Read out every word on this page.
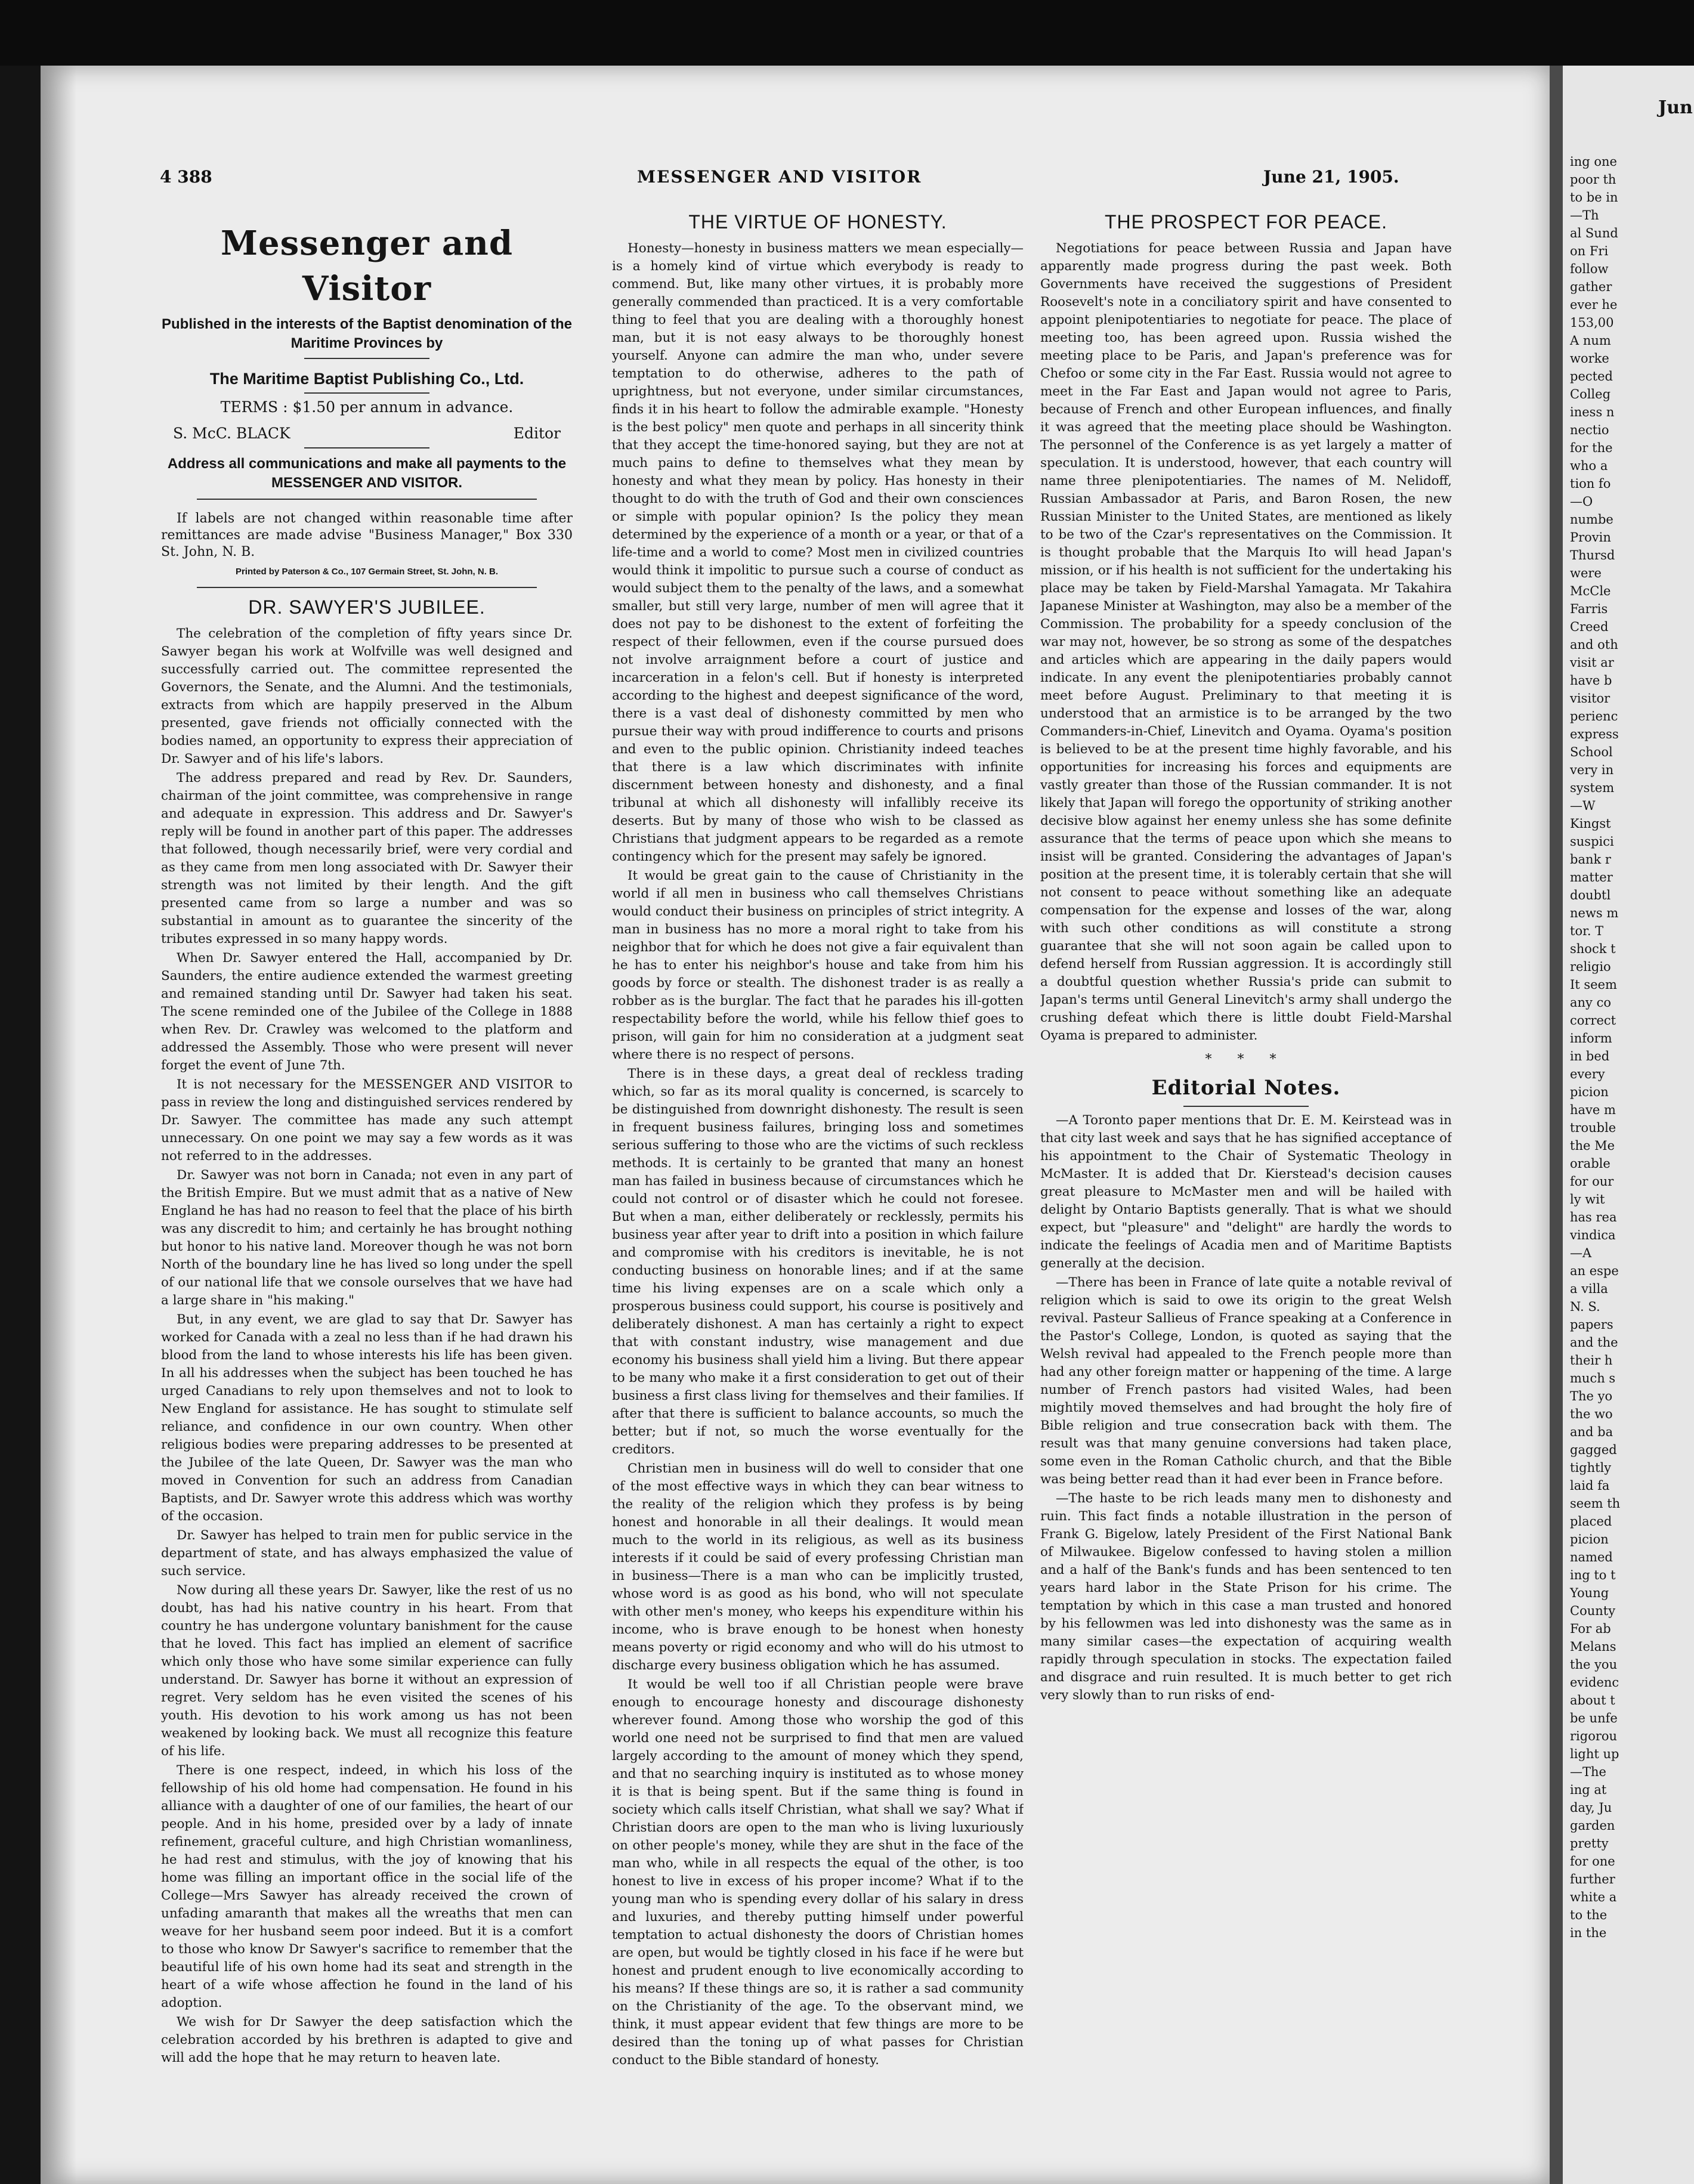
4 388	MESSENGER AND VISITOR	June 21, 1905.
Messenger and Visitor
Published in the interests of the Baptist denomination of the Maritime Provinces by
The Maritime Baptist Publishing Co., Ltd.
TERMS : $1.50 per annum in advance.
S. McC. BLACK	Editor
Address all communications and make all payments to the MESSENGER AND VISITOR.
If labels are not changed within reasonable time after remittances are made advise "Business Manager," Box 330 St. John, N. B.
Printed by Paterson & Co., 107 Germain Street, St. John, N. B.
DR. SAWYER'S JUBILEE.

The celebration of the completion of fifty years since Dr. Sawyer began his work at Wolfville was well designed and successfully carried out. The committee represented the Governors, the Senate, and the Alumni. And the testimonials, extracts from which are happily preserved in the Album presented, gave friends not officially connected with the bodies named, an opportunity to express their appreciation of Dr. Sawyer and of his life's labors.

The address prepared and read by Rev. Dr. Saunders, chairman of the joint committee, was comprehensive in range and adequate in expression. This address and Dr. Sawyer's reply will be found in another part of this paper. The addresses that followed, though necessarily brief, were very cordial and as they came from men long associated with Dr. Sawyer their strength was not limited by their length. And the gift presented came from so large a number and was so substantial in amount as to guarantee the sincerity of the tributes expressed in so many happy words.

When Dr. Sawyer entered the Hall, accompanied by Dr. Saunders, the entire audience extended the warmest greeting and remained standing until Dr. Sawyer had taken his seat. The scene reminded one of the Jubilee of the College in 1888 when Rev. Dr. Crawley was welcomed to the platform and addressed the Assembly. Those who were present will never forget the event of June 7th.

It is not necessary for the MESSENGER AND VISITOR to pass in review the long and distinguished services rendered by Dr. Sawyer. The committee has made any such attempt unnecessary. On one point we may say a few words as it was not referred to in the addresses.

Dr. Sawyer was not born in Canada; not even in any part of the British Empire. But we must admit that as a native of New England he has had no reason to feel that the place of his birth was any discredit to him; and certainly he has brought nothing but honor to his native land. Moreover though he was not born North of the boundary line he has lived so long under the spell of our national life that we console ourselves that we have had a large share in "his making."

But, in any event, we are glad to say that Dr. Sawyer has worked for Canada with a zeal no less than if he had drawn his blood from the land to whose interests his life has been given. In all his addresses when the subject has been touched he has urged Canadians to rely upon themselves and not to look to New England for assistance. He has sought to stimulate self reliance, and confidence in our own country. When other religious bodies were preparing addresses to be presented at the Jubilee of the late Queen, Dr. Sawyer was the man who moved in Convention for such an address from Canadian Baptists, and Dr. Sawyer wrote this address which was worthy of the occasion.

Dr. Sawyer has helped to train men for public service in the department of state, and has always emphasized the value of such service.

Now during all these years Dr. Sawyer, like the rest of us no doubt, has had his native country in his heart. From that country he has undergone voluntary banishment for the cause that he loved. This fact has implied an element of sacrifice which only those who have some similar experience can fully understand. Dr. Sawyer has borne it without an expression of regret. Very seldom has he even visited the scenes of his youth. His devotion to his work among us has not been weakened by looking back. We must all recognize this feature of his life.

There is one respect, indeed, in which his loss of the fellowship of his old home had compensation. He found in his alliance with a daughter of one of our families, the heart of our people. And in his home, presided over by a lady of innate refinement, graceful culture, and high Christian womanliness, he had rest and stimulus, with the joy of knowing that his home was filling an important office in the social life of the College—Mrs Sawyer has already received the crown of unfading amaranth that makes all the wreaths that men can weave for her husband seem poor indeed. But it is a comfort to those who know Dr Sawyer's sacrifice to remember that the beautiful life of his own home had its seat and strength in the heart of a wife whose affection he found in the land of his adoption.

We wish for Dr Sawyer the deep satisfaction which the celebration accorded by his brethren is adapted to give and will add the hope that he may return to heaven late.

THE VIRTUE OF HONESTY.

Honesty—honesty in business matters we mean especially—is a homely kind of virtue which everybody is ready to commend. But, like many other virtues, it is probably more generally commended than practiced. It is a very comfortable thing to feel that you are dealing with a thoroughly honest man, but it is not easy always to be thoroughly honest yourself. Anyone can admire the man who, under severe temptation to do otherwise, adheres to the path of uprightness, but not everyone, under similar circumstances, finds it in his heart to follow the admirable example. "Honesty is the best policy" men quote and perhaps in all sincerity think that they accept the time-honored saying, but they are not at much pains to define to themselves what they mean by honesty and what they mean by policy. Has honesty in their thought to do with the truth of God and their own consciences or simple with popular opinion? Is the policy they mean determined by the experience of a month or a year, or that of a life-time and a world to come? Most men in civilized countries would think it impolitic to pursue such a course of conduct as would subject them to the penalty of the laws, and a somewhat smaller, but still very large, number of men will agree that it does not pay to be dishonest to the extent of forfeiting the respect of their fellowmen, even if the course pursued does not involve arraignment before a court of justice and incarceration in a felon's cell. But if honesty is interpreted according to the highest and deepest significance of the word, there is a vast deal of dishonesty committed by men who pursue their way with proud indifference to courts and prisons and even to the public opinion. Christianity indeed teaches that there is a law which discriminates with infinite discernment between honesty and dishonesty, and a final tribunal at which all dishonesty will infallibly receive its deserts. But by many of those who wish to be classed as Christians that judgment appears to be regarded as a remote contingency which for the present may safely be ignored.

It would be great gain to the cause of Christianity in the world if all men in business who call themselves Christians would conduct their business on principles of strict integrity. A man in business has no more a moral right to take from his neighbor that for which he does not give a fair equivalent than he has to enter his neighbor's house and take from him his goods by force or stealth. The dishonest trader is as really a robber as is the burglar. The fact that he parades his ill-gotten respectability before the world, while his fellow thief goes to prison, will gain for him no consideration at a judgment seat where there is no respect of persons.

There is in these days, a great deal of reckless trading which, so far as its moral quality is concerned, is scarcely to be distinguished from downright dishonesty. The result is seen in frequent business failures, bringing loss and sometimes serious suffering to those who are the victims of such reckless methods. It is certainly to be granted that many an honest man has failed in business because of circumstances which he could not control or of disaster which he could not foresee. But when a man, either deliberately or recklessly, permits his business year after year to drift into a position in which failure and compromise with his creditors is inevitable, he is not conducting business on honorable lines; and if at the same time his living expenses are on a scale which only a prosperous business could support, his course is positively and deliberately dishonest. A man has certainly a right to expect that with constant industry, wise management and due economy his business shall yield him a living. But there appear to be many who make it a first consideration to get out of their business a first class living for themselves and their families. If after that there is sufficient to balance accounts, so much the better; but if not, so much the worse eventually for the creditors.

Christian men in business will do well to consider that one of the most effective ways in which they can bear witness to the reality of the religion which they profess is by being honest and honorable in all their dealings. It would mean much to the world in its religious, as well as its business interests if it could be said of every professing Christian man in business—There is a man who can be implicitly trusted, whose word is as good as his bond, who will not speculate with other men's money, who keeps his expenditure within his income, who is brave enough to be honest when honesty means poverty or rigid economy and who will do his utmost to discharge every business obligation which he has assumed.

It would be well too if all Christian people were brave enough to encourage honesty and discourage dishonesty wherever found. Among those who worship the god of this world one need not be surprised to find that men are valued largely according to the amount of money which they spend, and that no searching inquiry is instituted as to whose money it is that is being spent. But if the same thing is found in society which calls itself Christian, what shall we say? What if Christian doors are open to the man who is living luxuriously on other people's money, while they are shut in the face of the man who, while in all respects the equal of the other, is too honest to live in excess of his proper income? What if to the young man who is spending every dollar of his salary in dress and luxuries, and thereby putting himself under powerful temptation to actual dishonesty the doors of Christian homes are open, but would be tightly closed in his face if he were but honest and prudent enough to live economically according to his means? If these things are so, it is rather a sad community on the Christianity of the age. To the observant mind, we think, it must appear evident that few things are more to be desired than the toning up of what passes for Christian conduct to the Bible standard of honesty.

THE PROSPECT FOR PEACE.

Negotiations for peace between Russia and Japan have apparently made progress during the past week. Both Governments have received the suggestions of President Roosevelt's note in a conciliatory spirit and have consented to appoint plenipotentiaries to negotiate for peace. The place of meeting too, has been agreed upon. Russia wished the meeting place to be Paris, and Japan's preference was for Chefoo or some city in the Far East. Russia would not agree to meet in the Far East and Japan would not agree to Paris, because of French and other European influences, and finally it was agreed that the meeting place should be Washington. The personnel of the Conference is as yet largely a matter of speculation. It is understood, however, that each country will name three plenipotentiaries. The names of M. Nelidoff, Russian Ambassador at Paris, and Baron Rosen, the new Russian Minister to the United States, are mentioned as likely to be two of the Czar's representatives on the Commission. It is thought probable that the Marquis Ito will head Japan's mission, or if his health is not sufficient for the undertaking his place may be taken by Field-Marshal Yamagata. Mr Takahira Japanese Minister at Washington, may also be a member of the Commission. The probability for a speedy conclusion of the war may not, however, be so strong as some of the despatches and articles which are appearing in the daily papers would indicate. In any event the plenipotentiaries probably cannot meet before August. Preliminary to that meeting it is understood that an armistice is to be arranged by the two Commanders-in-Chief, Linevitch and Oyama. Oyama's position is believed to be at the present time highly favorable, and his opportunities for increasing his forces and equipments are vastly greater than those of the Russian commander. It is not likely that Japan will forego the opportunity of striking another decisive blow against her enemy unless she has some definite assurance that the terms of peace upon which she means to insist will be granted. Considering the advantages of Japan's position at the present time, it is tolerably certain that she will not consent to peace without something like an adequate compensation for the expense and losses of the war, along with such other conditions as will constitute a strong guarantee that she will not soon again be called upon to defend herself from Russian aggression. It is accordingly still a doubtful question whether Russia's pride can submit to Japan's terms until General Linevitch's army shall undergo the crushing defeat which there is little doubt Field-Marshal Oyama is prepared to administer.

* * *
Editorial Notes.

—A Toronto paper mentions that Dr. E. M. Keirstead was in that city last week and says that he has signified acceptance of his appointment to the Chair of Systematic Theology in McMaster. It is added that Dr. Kierstead's decision causes great pleasure to McMaster men and will be hailed with delight by Ontario Baptists generally. That is what we should expect, but "pleasure" and "delight" are hardly the words to indicate the feelings of Acadia men and of Maritime Baptists generally at the decision.

—There has been in France of late quite a notable revival of religion which is said to owe its origin to the great Welsh revival. Pasteur Sallieus of France speaking at a Conference in the Pastor's College, London, is quoted as saying that the Welsh revival had appealed to the French people more than had any other foreign matter or happening of the time. A large number of French pastors had visited Wales, had been mightily moved themselves and had brought the holy fire of Bible religion and true consecration back with them. The result was that many genuine conversions had taken place, some even in the Roman Catholic church, and that the Bible was being better read than it had ever been in France before.

—The haste to be rich leads many men to dishonesty and ruin. This fact finds a notable illustration in the person of Frank G. Bigelow, lately President of the First National Bank of Milwaukee. Bigelow confessed to having stolen a million and a half of the Bank's funds and has been sentenced to ten years hard labor in the State Prison for his crime. The temptation by which in this case a man trusted and honored by his fellowmen was led into dishonesty was the same as in many similar cases—the expectation of acquiring wealth rapidly through speculation in stocks. The expectation failed and disgrace and ruin resulted. It is much better to get rich very slowly than to run risks of end-

Jun
ing one
poor th
to be in
—Th
al Sund
on Fri
follow
gather
ever he
153,00
A num
worke
pected
Colleg
iness n
nectio
for the
who a
tion fo
—O
numbe
Provin
Thursd
were
McCle
Farris
Creed
and oth
visit ar
have b
visitor
perienc
express
School
very in
system
—W
Kingst
suspici
bank r
matter
doubtl
news m
tor. T
shock t
religio
It seem
any co
correct
inform
in bed
every
picion
have m
trouble
the Me
orable
for our
ly wit
has rea
vindica
—A
an espe
a villa
N. S.
papers
and the
their h
much s
The yo
the wo
and ba
gagged
tightly
laid fa
seem th
placed
picion
named
ing to t
Young
County
For ab
Melans
the you
evidenc
about t
be unfe
rigorou
light up
—The
ing at
day, Ju
garden
pretty
for one
further
white a
to the
in the
